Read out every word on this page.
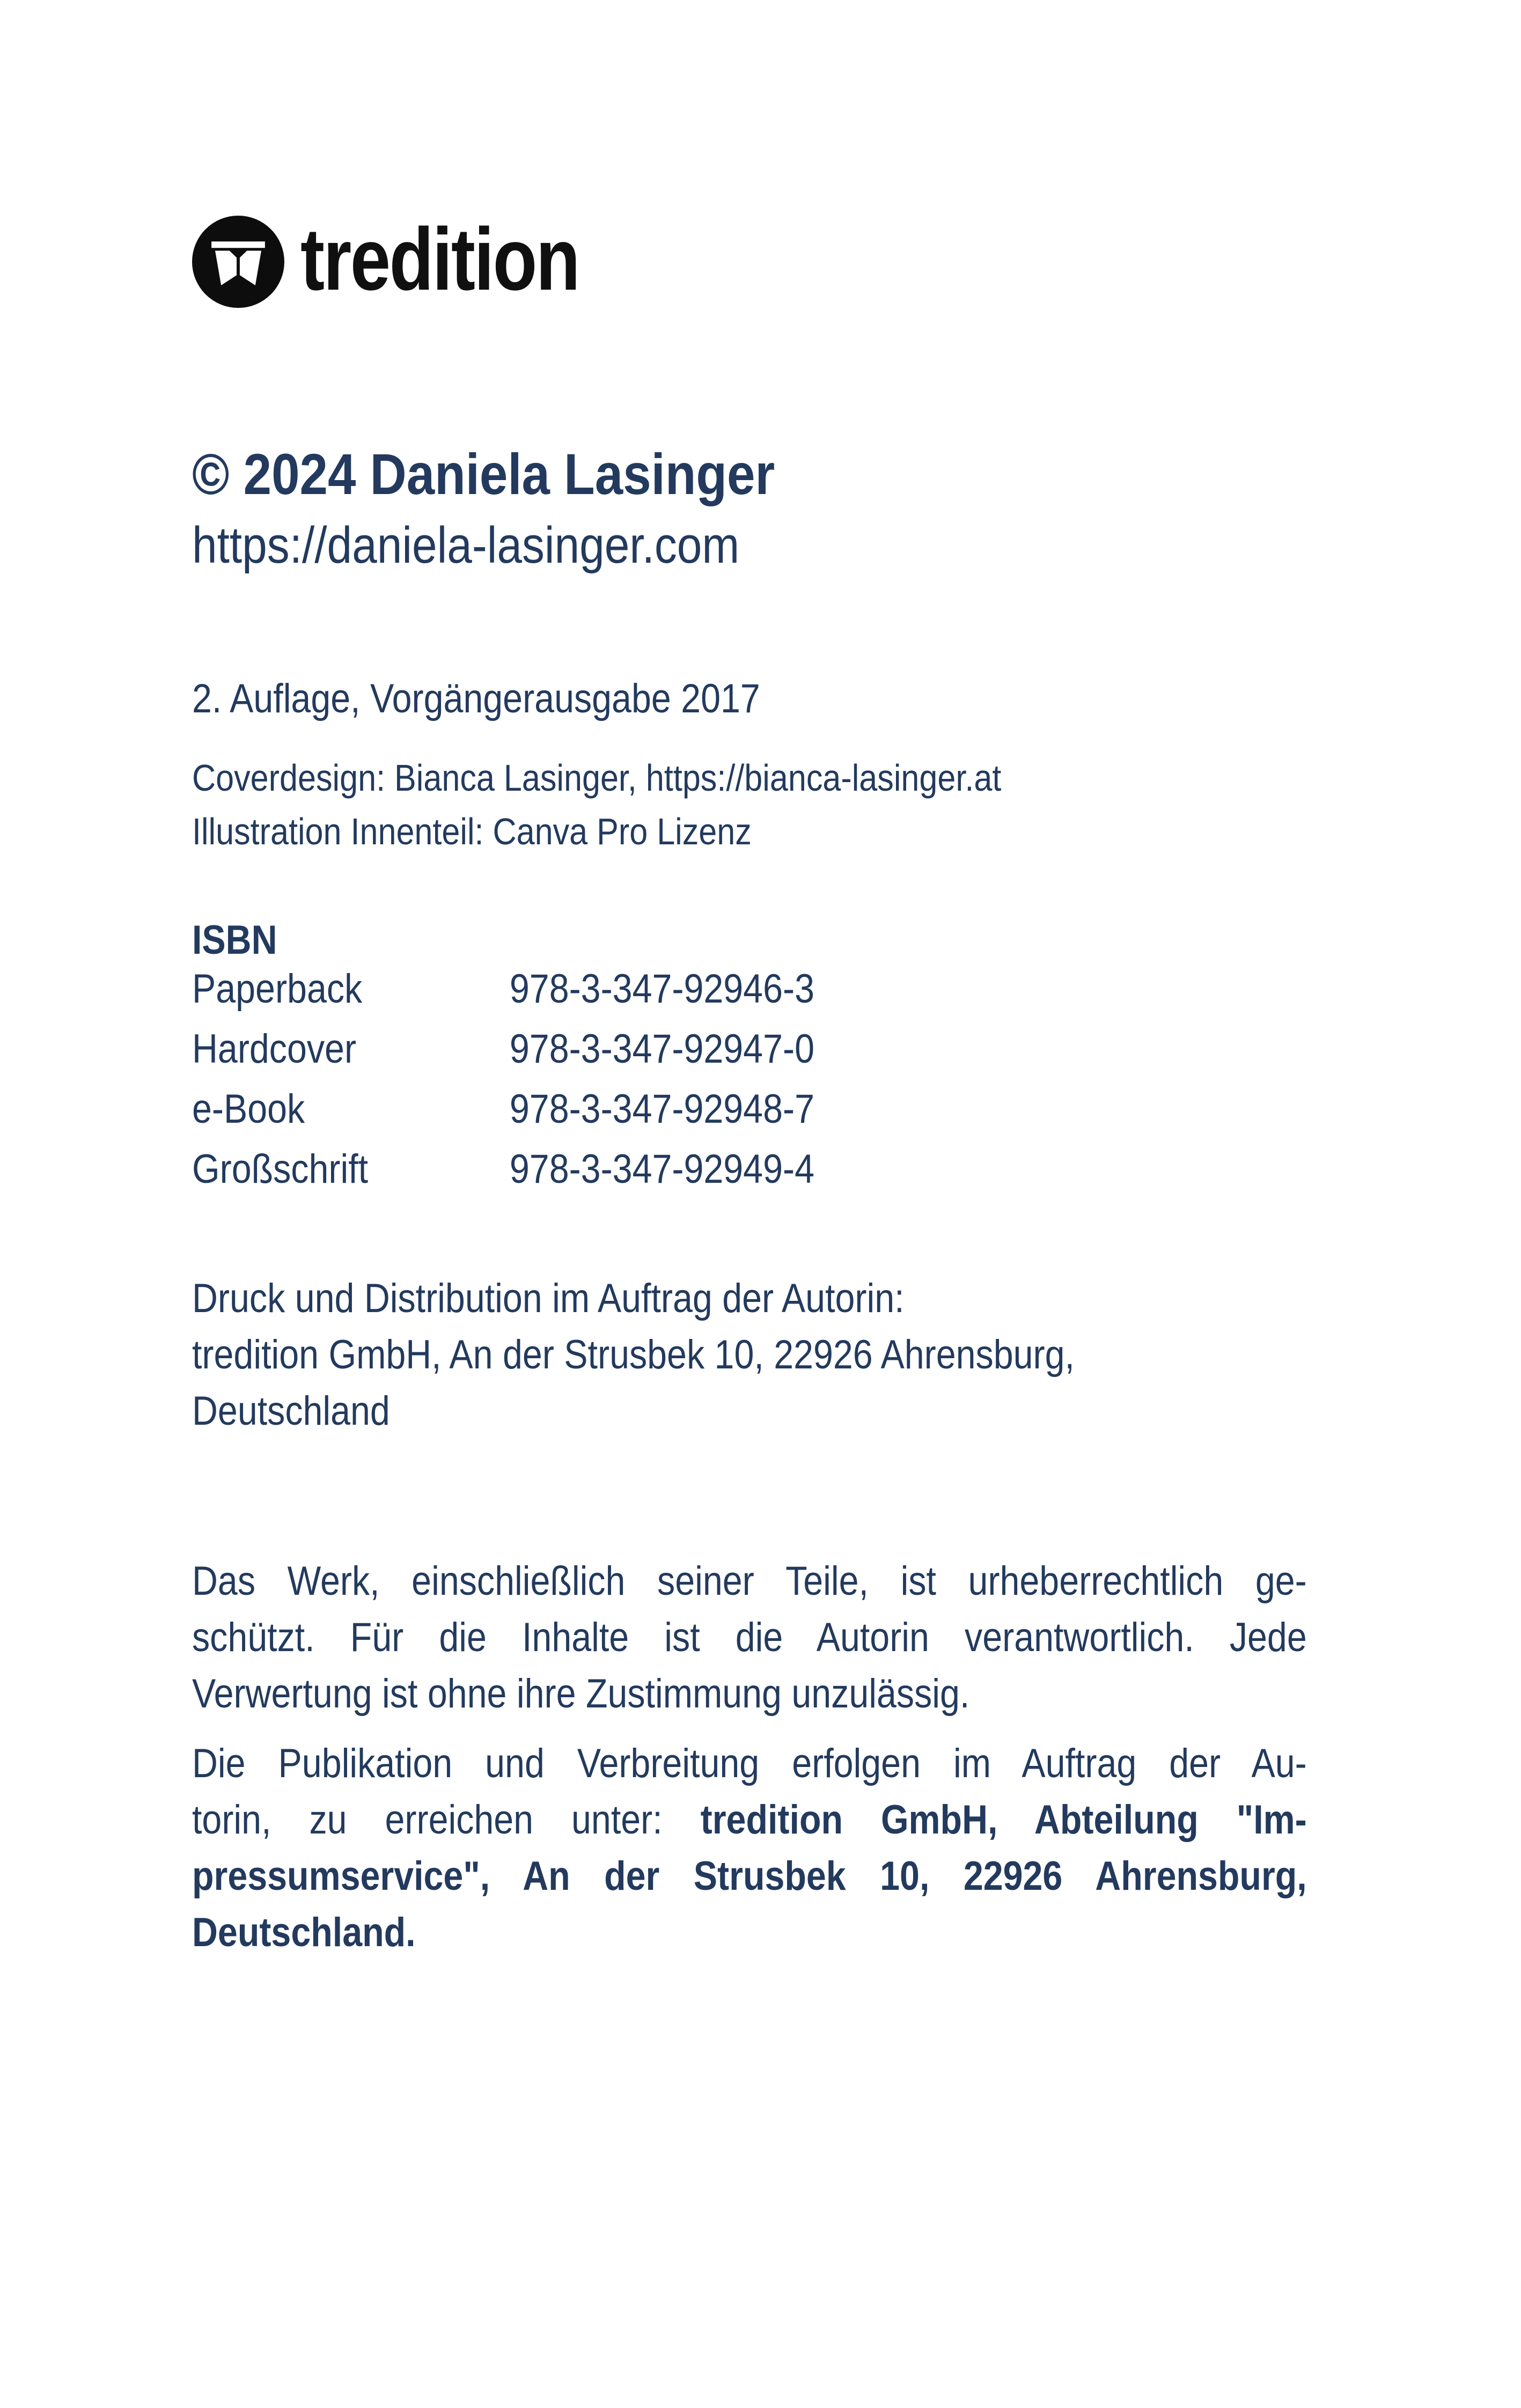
tredition
© 2024 Daniela Lasinger
https://daniela-lasinger.com
2. Auflage, Vorgängerausgabe 2017
Coverdesign: Bianca Lasinger, https://bianca-lasinger.at
Illustration Innenteil: Canva Pro Lizenz
ISBN
Paperback	978-3-347-92946-3
Hardcover	978-3-347-92947-0
e-Book	978-3-347-92948-7
Großschrift	978-3-347-92949-4
Druck und Distribution im Auftrag der Autorin:
tredition GmbH, An der Strusbek 10, 22926 Ahrensburg,
Deutschland
Das Werk, einschließlich seiner Teile, ist urheberrechtlich ge-
schützt. Für die Inhalte ist die Autorin verantwortlich. Jede
Verwertung ist ohne ihre Zustimmung unzulässig.
Die Publikation und Verbreitung erfolgen im Auftrag der Au-
torin, zu erreichen unter: tredition GmbH, Abteilung "Im-
pressumservice", An der Strusbek 10, 22926 Ahrensburg,
Deutschland.
